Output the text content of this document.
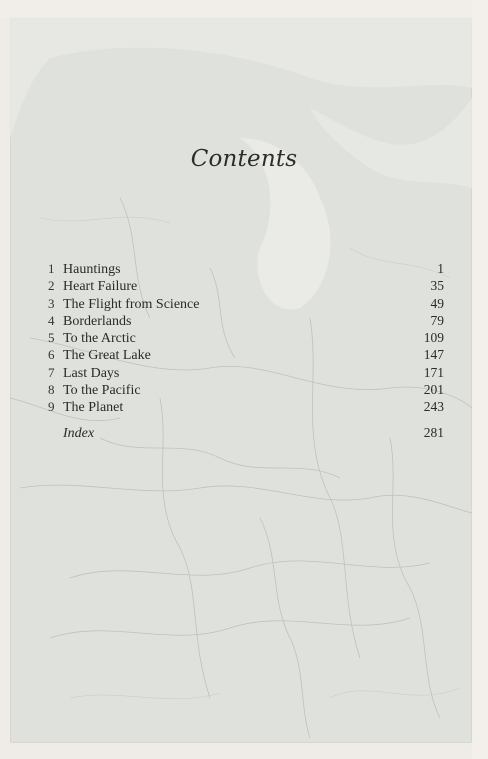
Contents
1 Hauntings	1
2 Heart Failure	35
3 The Flight from Science	49
4 Borderlands	79
5 To the Arctic	109
6 The Great Lake	147
7 Last Days	171
8 To the Pacific	201
9 The Planet	243
Index	281
